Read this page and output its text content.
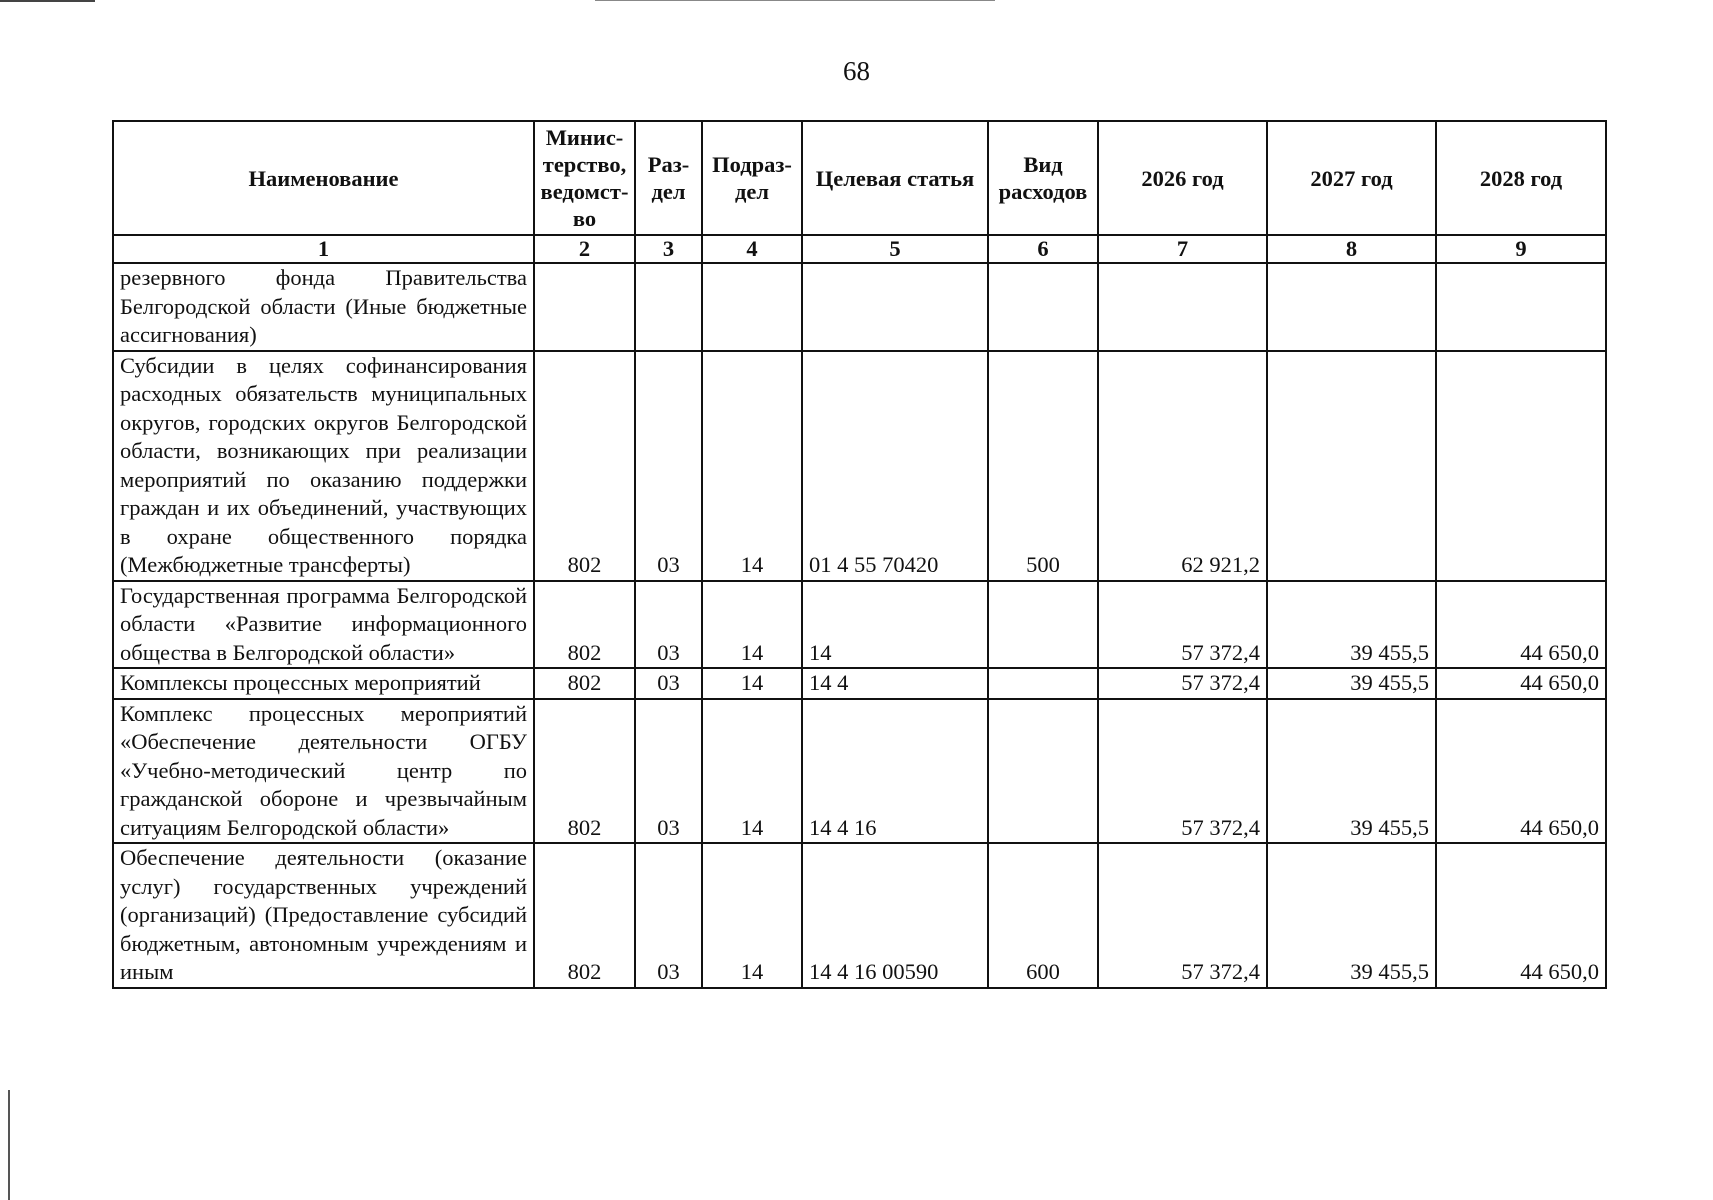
68
Наименование	Минис-терство, ведомст-во	Раз-дел	Подраз-дел	Целевая статья	Вид расходов	2026 год	2027 год	2028 год
1	2	3	4	5	6	7	8	9
резервного фонда Правительства Белгородской области (Иные бюджетные ассигнования)								
Субсидии в целях софинансирования расходных обязательств муниципальных округов, городских округов Белгородской области, возникающих при реализации мероприятий по оказанию поддержки граждан и их объединений, участвующих в охране общественного порядка (Межбюджетные трансферты)	802	03	14	01 4 55 70420	500	62 921,2		
Государственная программа Белгородской области «Развитие информационного общества в Белгородской области»	802	03	14	14		57 372,4	39 455,5	44 650,0
Комплексы процессных мероприятий	802	03	14	14 4		57 372,4	39 455,5	44 650,0
Комплекс процессных мероприятий «Обеспечение деятельности ОГБУ «Учебно-методический центр по гражданской обороне и чрезвычайным ситуациям Белгородской области»	802	03	14	14 4 16		57 372,4	39 455,5	44 650,0
Обеспечение деятельности (оказание услуг) государственных учреждений (организаций) (Предоставление субсидий бюджетным, автономным учреждениям и иным	802	03	14	14 4 16 00590	600	57 372,4	39 455,5	44 650,0
